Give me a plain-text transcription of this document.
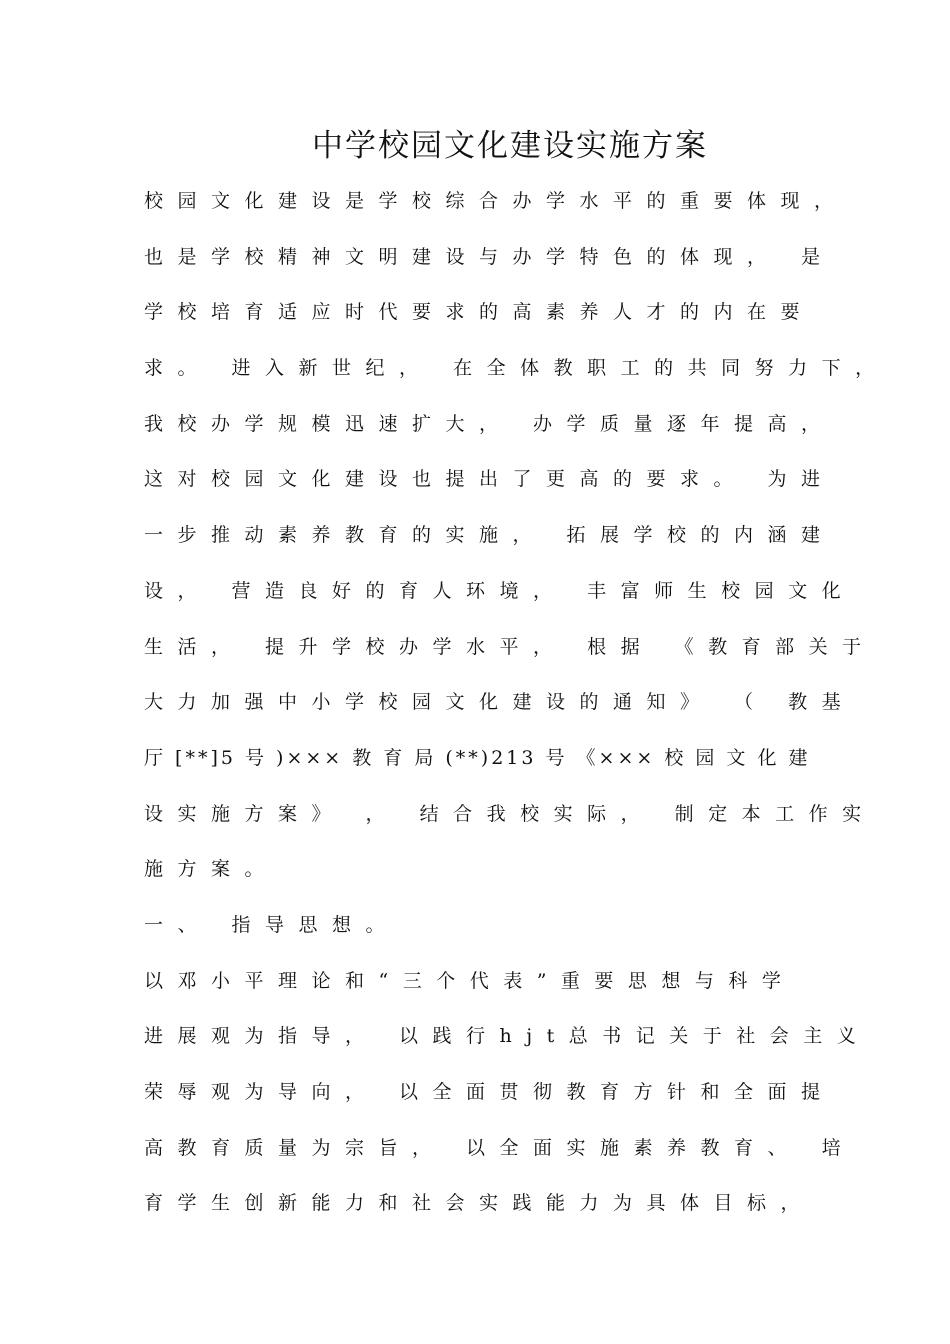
中学校园文化建设实施方案
校园文化建设是学校综合办学水平的重要体现，
也是学校精神文明建设与办学特色的体现， 是
学校培育适应时代要求的高素养人才的内在要
求。 进入新世纪， 在全体教职工的共同努力下，
我校办学规模迅速扩大， 办学质量逐年提高，
这对校园文化建设也提出了更高的要求。 为进
一步推动素养教育的实施， 拓展学校的内涵建
设， 营造良好的育人环境， 丰富师生校园文化
生活， 提升学校办学水平， 根据 《教育部关于
大力加强中小学校园文化建设的通知》 （ 教基
厅 [**]5 号 )××× 教 育 局 (**)213 号 《××× 校 园 文 化 建
设实施方案》 ， 结合我校实际， 制定本工作实
施方案。
一、 指导思想。
以邓小平理论和“三个代表”重要思想与科学
进展观为指导， 以践行hjt总书记关于社会主义
荣辱观为导向， 以全面贯彻教育方针和全面提
高教育质量为宗旨， 以全面实施素养教育、 培
育学生创新能力和社会实践能力为具体目标，
